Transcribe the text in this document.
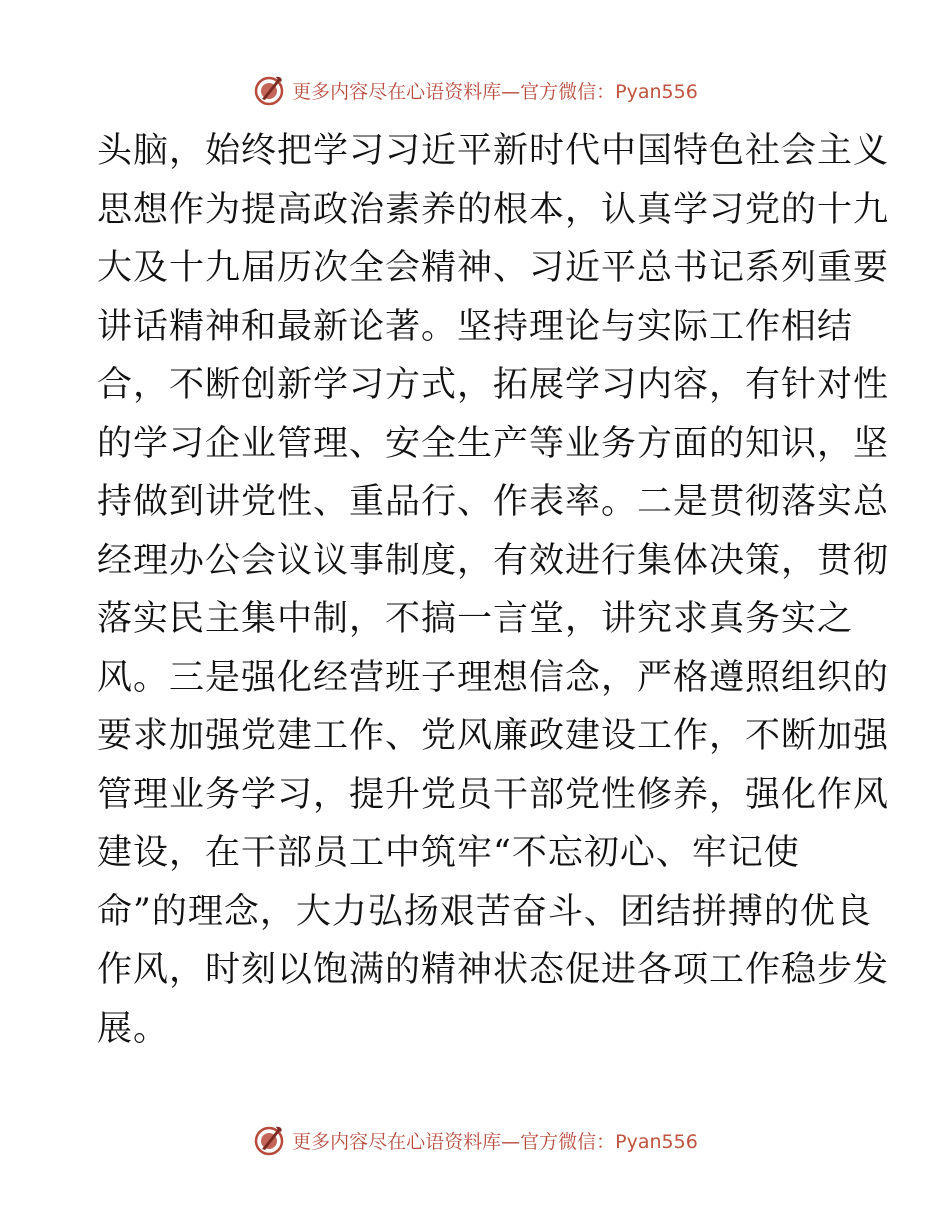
更多内容尽在心语资料库—官方微信：Pyan556
头脑，始终把学习习近平新时代中国特色社会主义
思想作为提高政治素养的根本，认真学习党的十九
大及十九届历次全会精神、习近平总书记系列重要
讲话精神和最新论著。坚持理论与实际工作相结
合，不断创新学习方式，拓展学习内容，有针对性
的学习企业管理、安全生产等业务方面的知识，坚
持做到讲党性、重品行、作表率。二是贯彻落实总
经理办公会议议事制度，有效进行集体决策，贯彻
落实民主集中制，不搞一言堂，讲究求真务实之
风。三是强化经营班子理想信念，严格遵照组织的
要求加强党建工作、党风廉政建设工作，不断加强
管理业务学习，提升党员干部党性修养，强化作风
建设，在干部员工中筑牢“不忘初心、牢记使
命”的理念，大力弘扬艰苦奋斗、团结拼搏的优良
作风，时刻以饱满的精神状态促进各项工作稳步发
展。
更多内容尽在心语资料库—官方微信：Pyan556
